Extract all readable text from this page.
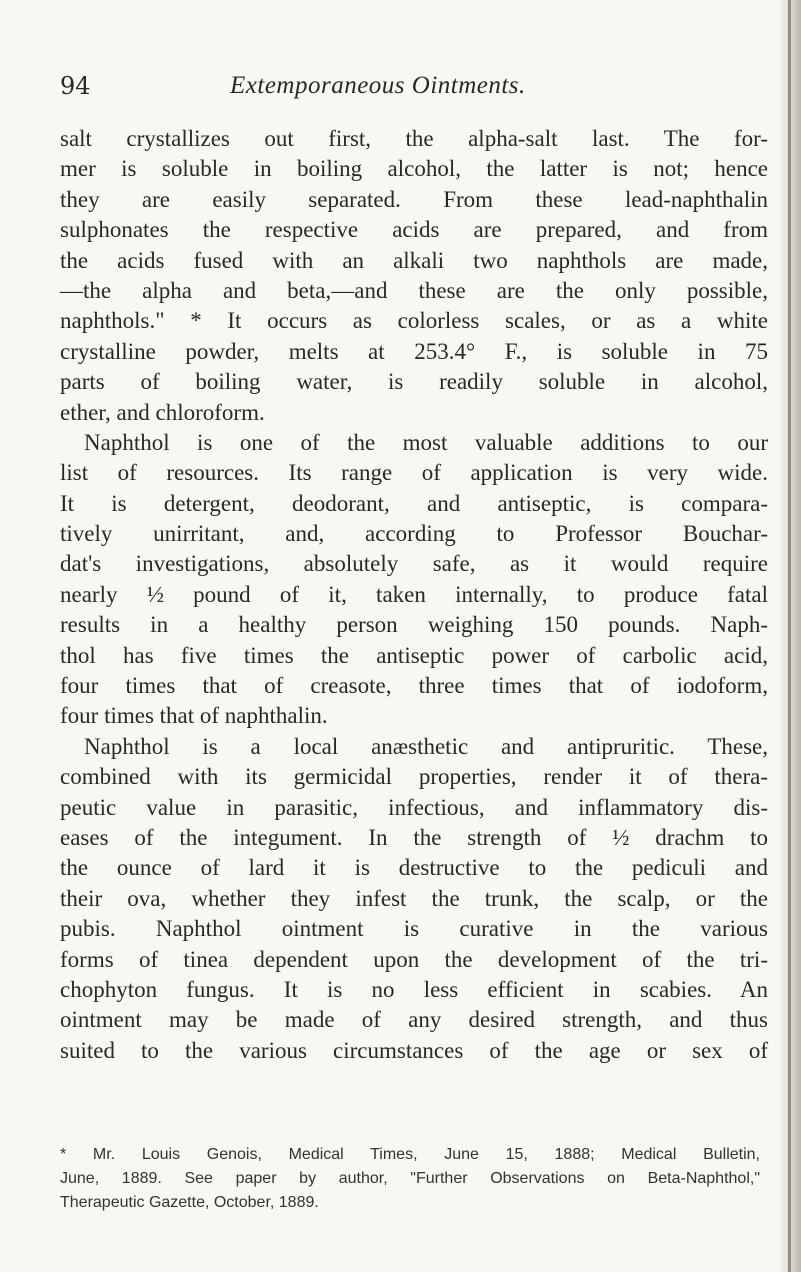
94	Extemporaneous Ointments.
salt crystallizes out first, the alpha-salt last. The for-
mer is soluble in boiling alcohol, the latter is not; hence
they are easily separated. From these lead-naphthalin
sulphonates the respective acids are prepared, and from
the acids fused with an alkali two naphthols are made,
—the alpha and beta,—and these are the only possible,
naphthols." * It occurs as colorless scales, or as a white
crystalline powder, melts at 253.4° F., is soluble in 75
parts of boiling water, is readily soluble in alcohol,
ether, and chloroform.
Naphthol is one of the most valuable additions to our
list of resources. Its range of application is very wide.
It is detergent, deodorant, and antiseptic, is compara-
tively unirritant, and, according to Professor Bouchar-
dat's investigations, absolutely safe, as it would require
nearly ½ pound of it, taken internally, to produce fatal
results in a healthy person weighing 150 pounds. Naph-
thol has five times the antiseptic power of carbolic acid,
four times that of creasote, three times that of iodoform,
four times that of naphthalin.
Naphthol is a local anæsthetic and antipruritic. These,
combined with its germicidal properties, render it of thera-
peutic value in parasitic, infectious, and inflammatory dis-
eases of the integument. In the strength of ½ drachm to
the ounce of lard it is destructive to the pediculi and
their ova, whether they infest the trunk, the scalp, or the
pubis. Naphthol ointment is curative in the various
forms of tinea dependent upon the development of the tri-
chophyton fungus. It is no less efficient in scabies. An
ointment may be made of any desired strength, and thus
suited to the various circumstances of the age or sex of
* Mr. Louis Genois, Medical Times, June 15, 1888; Medical Bulletin,
June, 1889. See paper by author, "Further Observations on Beta-Naphthol,"
Therapeutic Gazette, October, 1889.
